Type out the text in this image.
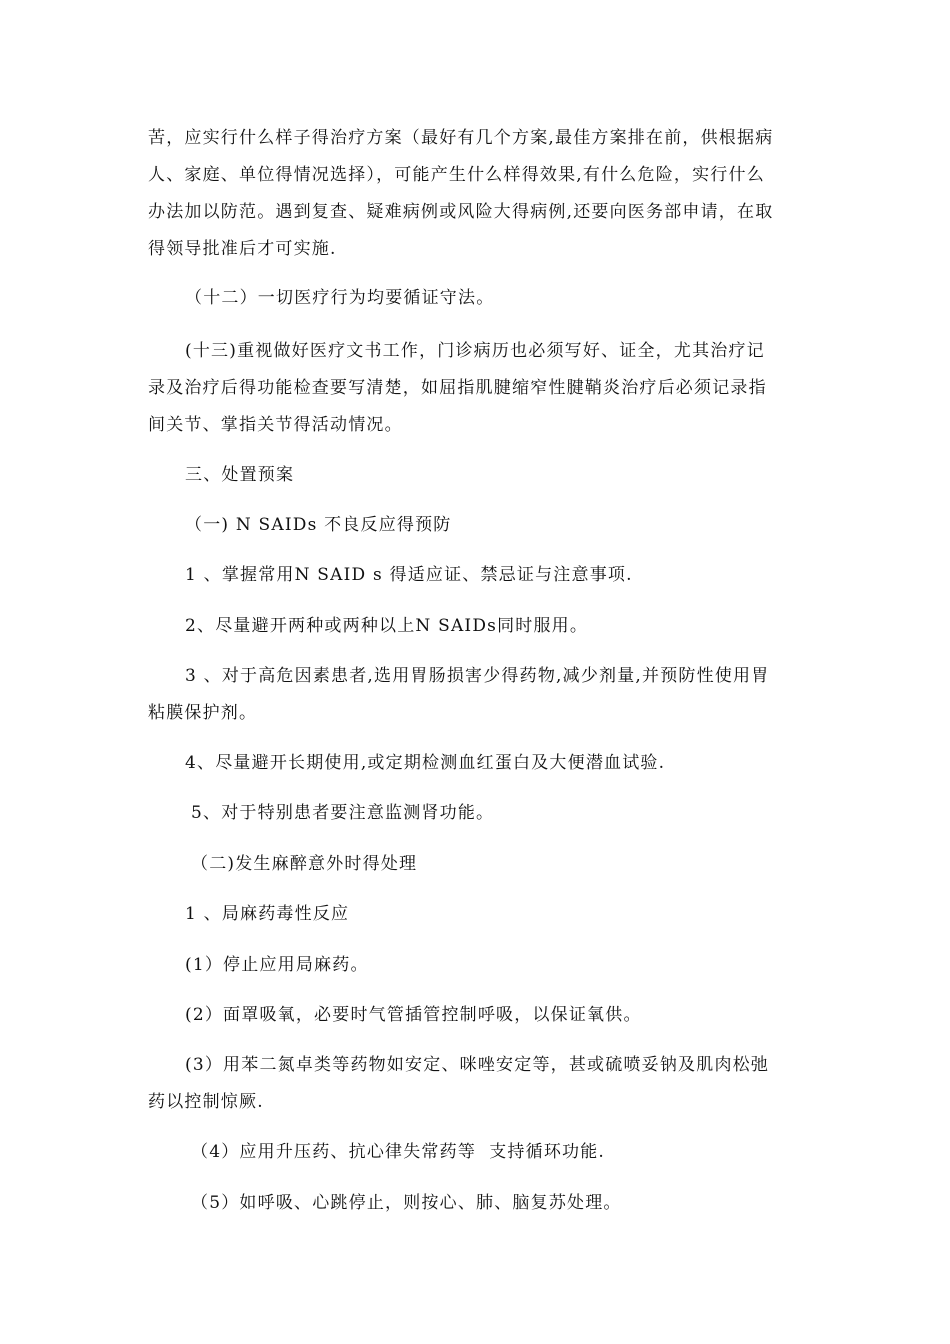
苦，应实行什么样子得治疗方案（最好有几个方案,最佳方案排在前，供根据病
人、家庭、单位得情况选择），可能产生什么样得效果,有什么危险，实行什么
办法加以防范。遇到复查、疑难病例或风险大得病例,还要向医务部申请，在取
得领导批准后才可实施.
（十二）一切医疗行为均要循证守法。
(十三)重视做好医疗文书工作，门诊病历也必须写好、证全，尤其治疗记
录及治疗后得功能检查要写清楚，如屈指肌腱缩窄性腱鞘炎治疗后必须记录指
间关节、掌指关节得活动情况。
三、处置预案
（一) N SAIDs 不良反应得预防
1 、掌握常用N SAID s 得适应证、禁忌证与注意事项.
2、尽量避开两种或两种以上N SAIDs同时服用。
3 、对于高危因素患者,选用胃肠损害少得药物,减少剂量,并预防性使用胃
粘膜保护剂。
4、尽量避开长期使用,或定期检测血红蛋白及大便潜血试验.
5、对于特别患者要注意监测肾功能。
（二)发生麻醉意外时得处理
1 、局麻药毒性反应
(1）停止应用局麻药。
(2）面罩吸氧，必要时气管插管控制呼吸，以保证氧供。
(3）用苯二氮卓类等药物如安定、咪唑安定等，甚或硫喷妥钠及肌肉松弛
药以控制惊厥.
（4）应用升压药、抗心律失常药等  支持循环功能.
（5）如呼吸、心跳停止，则按心、肺、脑复苏处理。
